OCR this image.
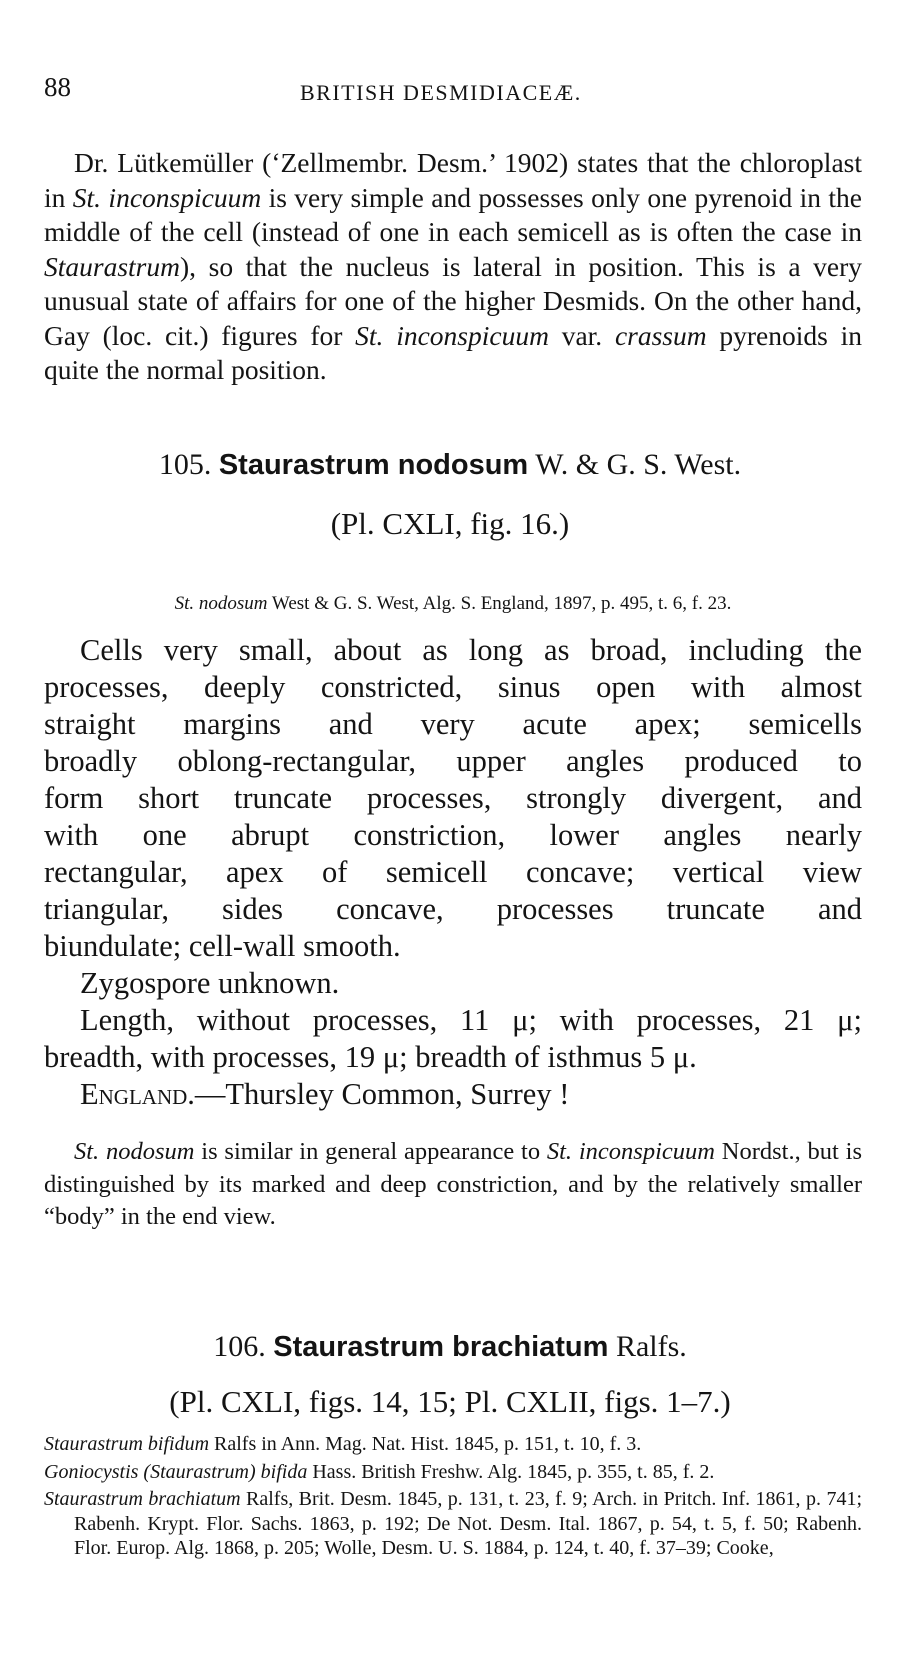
88	BRITISH DESMIDIACEÆ.
Dr. Lütkemüller (‘Zellmembr. Desm.’ 1902) states that the chloroplast in St. inconspicuum is very simple and possesses only one pyrenoid in the middle of the cell (instead of one in each semicell as is often the case in Staurastrum), so that the nucleus is lateral in position. This is a very unusual state of affairs for one of the higher Desmids. On the other hand, Gay (loc. cit.) figures for St. inconspicuum var. crassum pyrenoids in quite the normal position.
105. Staurastrum nodosum W. & G. S. West.
(Pl. CXLI, fig. 16.)
St. nodosum West & G. S. West, Alg. S. England, 1897, p. 495, t. 6, f. 23.

Cells very small, about as long as broad, including the

processes, deeply constricted, sinus open with almost

straight margins and very acute apex; semicells

broadly oblong-rectangular, upper angles produced to

form short truncate processes, strongly divergent, and

with one abrupt constriction, lower angles nearly

rectangular, apex of semicell concave; vertical view

triangular, sides concave, processes truncate and

biundulate; cell-wall smooth.

Zygospore unknown.

Length, without processes, 11 μ; with processes, 21 μ;

breadth, with processes, 19 μ; breadth of isthmus 5 μ.

England.—Thursley Common, Surrey !

St. nodosum is similar in general appearance to St. inconspicuum Nordst., but is distinguished by its marked and deep constriction, and by the relatively smaller “body” in the end view.
106. Staurastrum brachiatum Ralfs.
(Pl. CXLI, figs. 14, 15; Pl. CXLII, figs. 1–7.)

Staurastrum bifidum Ralfs in Ann. Mag. Nat. Hist. 1845, p. 151, t. 10, f. 3.

Goniocystis (Staurastrum) bifida Hass. British Freshw. Alg. 1845, p. 355, t. 85, f. 2.

Staurastrum brachiatum Ralfs, Brit. Desm. 1845, p. 131, t. 23, f. 9; Arch. in Pritch. Inf. 1861, p. 741; Rabenh. Krypt. Flor. Sachs. 1863, p. 192; De Not. Desm. Ital. 1867, p. 54, t. 5, f. 50; Rabenh. Flor. Europ. Alg. 1868, p. 205; Wolle, Desm. U. S. 1884, p. 124, t. 40, f. 37–39; Cooke,
